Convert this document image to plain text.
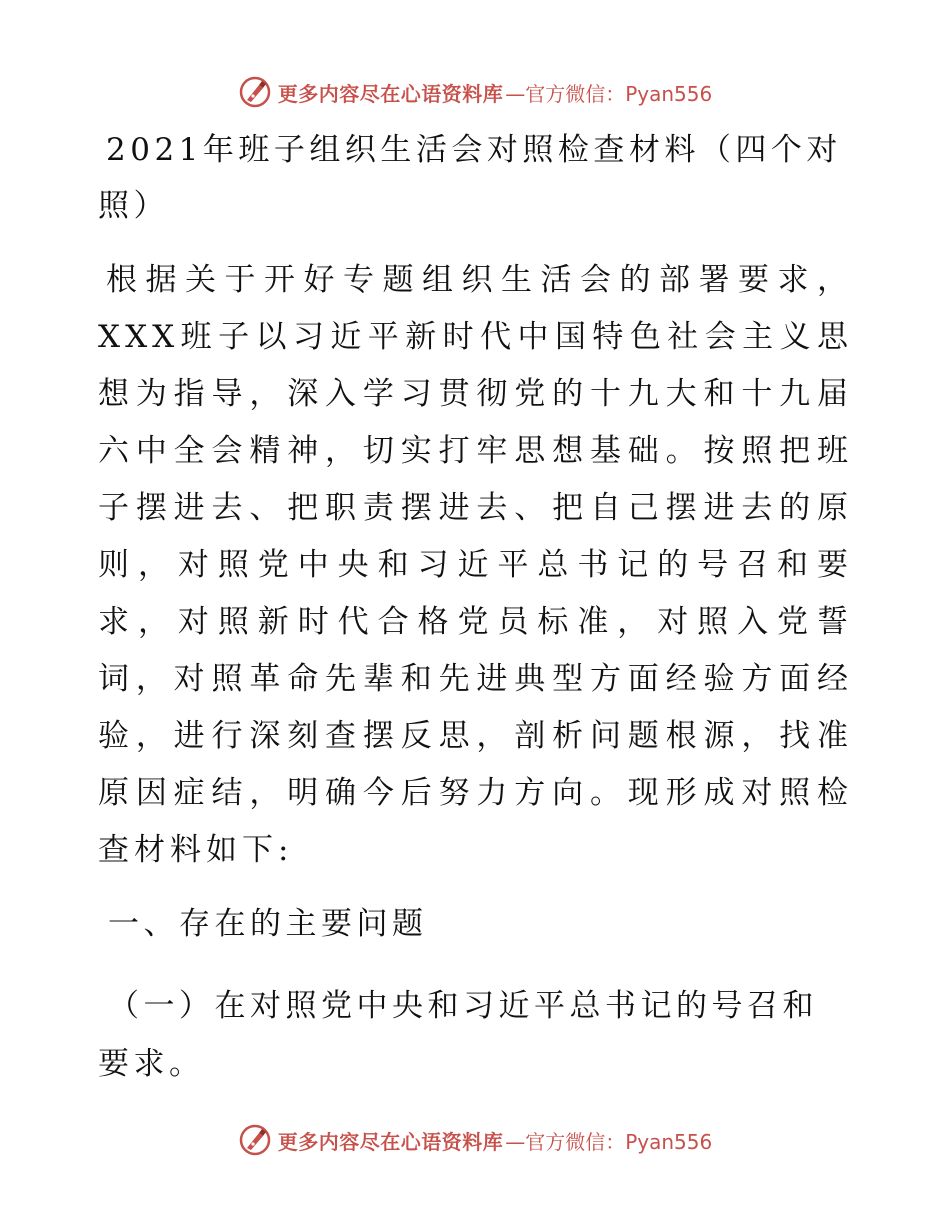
更多内容尽在心语资料库 —官方微信：Pyan556
2021年班子组织生活会对照检查材料（四个对照）

根据关于开好专题组织生活会的部署要求，XXX班子以习近平新时代中国特色社会主义思想为指导，深入学习贯彻党的十九大和十九届六中全会精神，切实打牢思想基础。按照把班子摆进去、把职责摆进去、把自己摆进去的原则，对照党中央和习近平总书记的号召和要求，对照新时代合格党员标准，对照入党誓词，对照革命先辈和先进典型方面经验方面经验，进行深刻查摆反思，剖析问题根源，找准原因症结，明确今后努力方向。现形成对照检查材料如下:

一、存在的主要问题

（一）在对照党中央和习近平总书记的号召和要求。

更多内容尽在心语资料库 —官方微信：Pyan556
